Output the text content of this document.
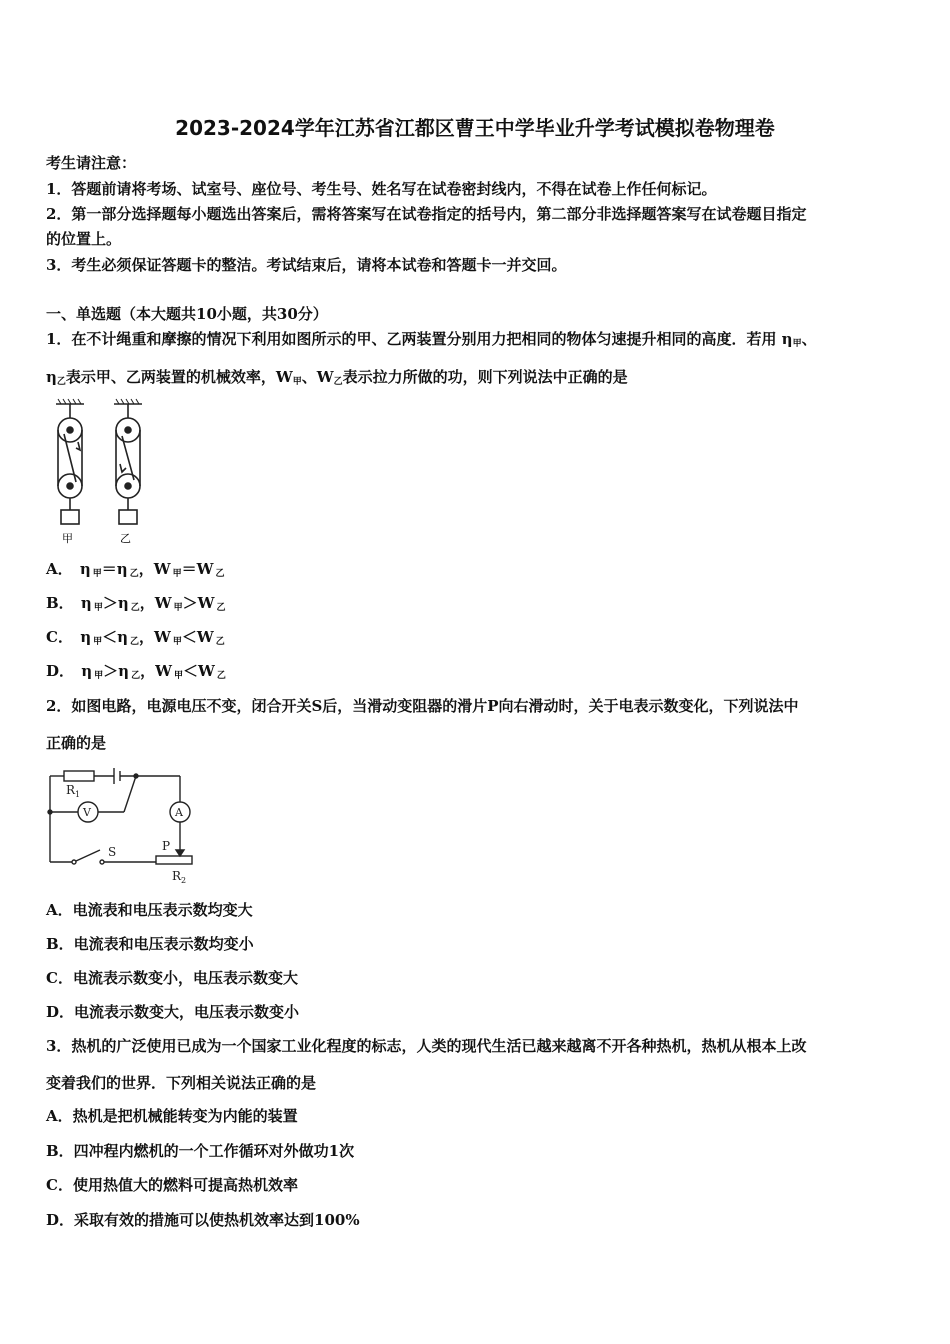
2023-2024学年江苏省江都区曹王中学毕业升学考试模拟卷物理卷
考生请注意：
1．答题前请将考场、试室号、座位号、考生号、姓名写在试卷密封线内，不得在试卷上作任何标记。
2．第一部分选择题每小题选出答案后，需将答案写在试卷指定的括号内，第二部分非选择题答案写在试卷题目指定
的位置上。
3．考生必须保证答题卡的整洁。考试结束后，请将本试卷和答题卡一并交回。
一、单选题（本大题共10小题，共30分）
1．在不计绳重和摩擦的情况下利用如图所示的甲、乙两装置分别用力把相同的物体匀速提升相同的高度．若用 $\eta_甲$、
$\eta_乙$表示甲、乙两装置的机械效率，$W_甲$、$W_乙$表示拉力所做的功，则下列说法中正确的是
甲	乙
A． η $_甲$＝η $_乙$，W $_甲$＝W $_乙$
B． η $_甲$＞η $_乙$，W $_甲$＞W $_乙$
C． η $_甲$＜η $_乙$，W $_甲$＜W $_乙$
D． η $_甲$＞η $_乙$，W $_甲$＜W $_乙$
2．如图电路，电源电压不变，闭合开关S后，当滑动变阻器的滑片P向右滑动时，关于电表示数变化，下列说法中
正确的是
$R_1$
V	A
S	P
$R_2$
A．电流表和电压表示数均变大
B．电流表和电压表示数均变小
C．电流表示数变小，电压表示数变大
D．电流表示数变大，电压表示数变小
3．热机的广泛使用已成为一个国家工业化程度的标志，人类的现代生活已越来越离不开各种热机，热机从根本上改
变着我们的世界．下列相关说法正确的是
A．热机是把机械能转变为内能的装置
B．四冲程内燃机的一个工作循环对外做功1次
C．使用热值大的燃料可提高热机效率
D．采取有效的措施可以使热机效率达到100%
